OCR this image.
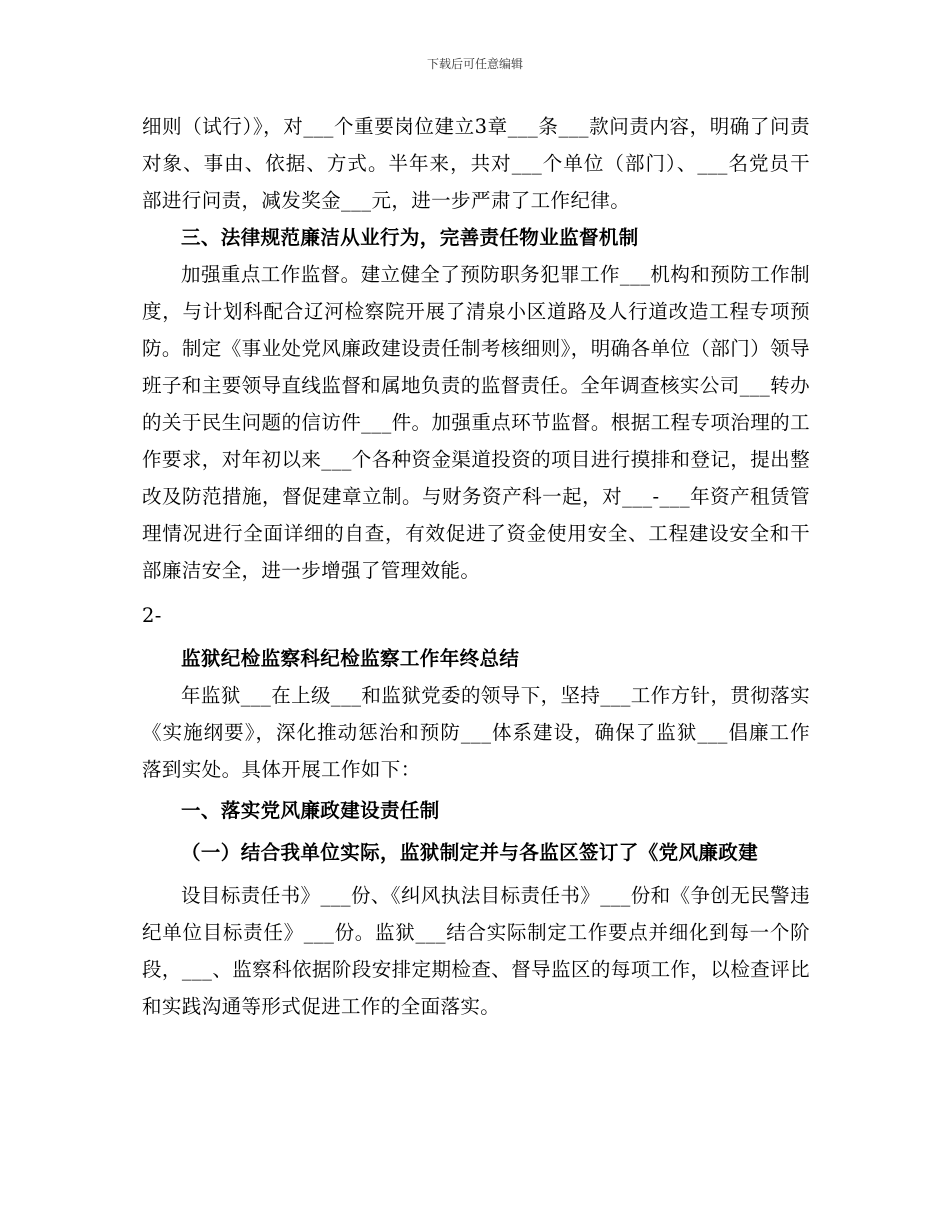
下载后可任意编辑

细则（试行）》，对___个重要岗位建立3章___条___款问责内容，明确了问责对象、事由、依据、方式。半年来，共对___个单位（部门）、___名党员干部进行问责，减发奖金___元，进一步严肃了工作纪律。

三、法律规范廉洁从业行为，完善责任物业监督机制

加强重点工作监督。建立健全了预防职务犯罪工作___机构和预防工作制度，与计划科配合辽河检察院开展了清泉小区道路及人行道改造工程专项预防。制定《事业处党风廉政建设责任制考核细则》，明确各单位（部门）领导班子和主要领导直线监督和属地负责的监督责任。全年调查核实公司___转办的关于民生问题的信访件___件。加强重点环节监督。根据工程专项治理的工作要求，对年初以来___个各种资金渠道投资的项目进行摸排和登记，提出整改及防范措施，督促建章立制。与财务资产科一起，对___-___年资产租赁管理情况进行全面详细的自查，有效促进了资金使用安全、工程建设安全和干部廉洁安全，进一步增强了管理效能。

2-

监狱纪检监察科纪检监察工作年终总结

年监狱___在上级___和监狱党委的领导下，坚持___工作方针，贯彻落实《实施纲要》，深化推动惩治和预防___体系建设，确保了监狱___倡廉工作落到实处。具体开展工作如下：

一、落实党风廉政建设责任制

（一）结合我单位实际，监狱制定并与各监区签订了《党风廉政建

设目标责任书》___份、《纠风执法目标责任书》___份和《争创无民警违纪单位目标责任》___份。监狱___结合实际制定工作要点并细化到每一个阶段，___、监察科依据阶段安排定期检查、督导监区的每项工作，以检查评比和实践沟通等形式促进工作的全面落实。
